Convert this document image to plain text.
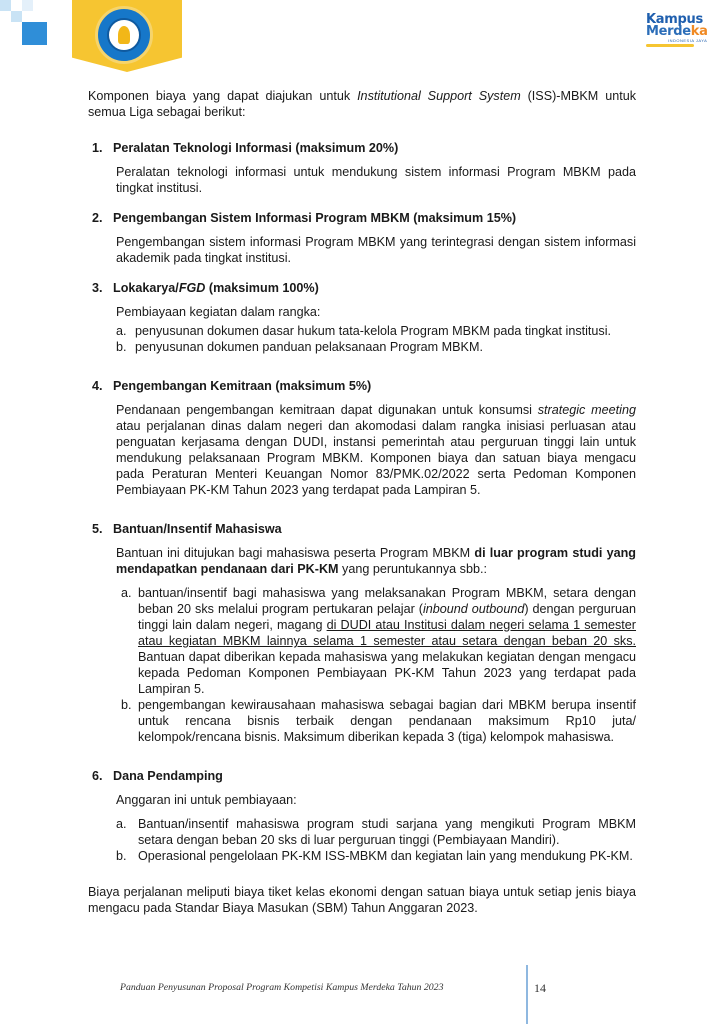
Kampus
Merdeka
INDONESIA JAYA

Komponen biaya yang dapat diajukan untuk Institutional Support System (ISS)-MBKM untuk semua Liga sebagai berikut:

1. Peralatan Teknologi Informasi (maksimum 20%)

Peralatan teknologi informasi untuk mendukung sistem informasi Program MBKM pada tingkat institusi.

2. Pengembangan Sistem Informasi Program MBKM (maksimum 15%)

Pengembangan sistem informasi Program MBKM yang terintegrasi dengan sistem informasi akademik pada tingkat institusi.

3. Lokakarya/FGD (maksimum 100%)

Pembiayaan kegiatan dalam rangka:

a. penyusunan dokumen dasar hukum tata-kelola Program MBKM pada tingkat institusi.
b. penyusunan dokumen panduan pelaksanaan Program MBKM.
4. Pengembangan Kemitraan (maksimum 5%)

Pendanaan pengembangan kemitraan dapat digunakan untuk konsumsi strategic meeting atau perjalanan dinas dalam negeri dan akomodasi dalam rangka inisiasi perluasan atau penguatan kerjasama dengan DUDI, instansi pemerintah atau perguruan tinggi lain untuk mendukung pelaksanaan Program MBKM. Komponen biaya dan satuan biaya mengacu pada Peraturan Menteri Keuangan Nomor 83/PMK.02/2022 serta Pedoman Komponen Pembiayaan PK-KM Tahun 2023 yang terdapat pada Lampiran 5.

5. Bantuan/Insentif Mahasiswa

Bantuan ini ditujukan bagi mahasiswa peserta Program MBKM di luar program studi yang mendapatkan pendanaan dari PK-KM yang peruntukannya sbb.:

a. bantuan/insentif bagi mahasiswa yang melaksanakan Program MBKM, setara dengan beban 20 sks melalui program pertukaran pelajar (inbound outbound) dengan perguruan tinggi lain dalam negeri, magang di DUDI atau Institusi dalam negeri selama 1 semester atau kegiatan MBKM lainnya selama 1 semester atau setara dengan beban 20 sks. Bantuan dapat diberikan kepada mahasiswa yang melakukan kegiatan dengan mengacu kepada Pedoman Komponen Pembiayaan PK-KM Tahun 2023 yang terdapat pada Lampiran 5.
b. pengembangan kewirausahaan mahasiswa sebagai bagian dari MBKM berupa insentif untuk rencana bisnis terbaik dengan pendanaan maksimum Rp10 juta/ kelompok/rencana bisnis. Maksimum diberikan kepada 3 (tiga) kelompok mahasiswa.
6. Dana Pendamping

Anggaran ini untuk pembiayaan:

a. Bantuan/insentif mahasiswa program studi sarjana yang mengikuti Program MBKM setara dengan beban 20 sks di luar perguruan tinggi (Pembiayaan Mandiri).
b. Operasional pengelolaan PK-KM ISS-MBKM dan kegiatan lain yang mendukung PK-KM.

Biaya perjalanan meliputi biaya tiket kelas ekonomi dengan satuan biaya untuk setiap jenis biaya mengacu pada Standar Biaya Masukan (SBM) Tahun Anggaran 2023.

Panduan Penyusunan Proposal Program Kompetisi Kampus Merdeka Tahun 2023	14
